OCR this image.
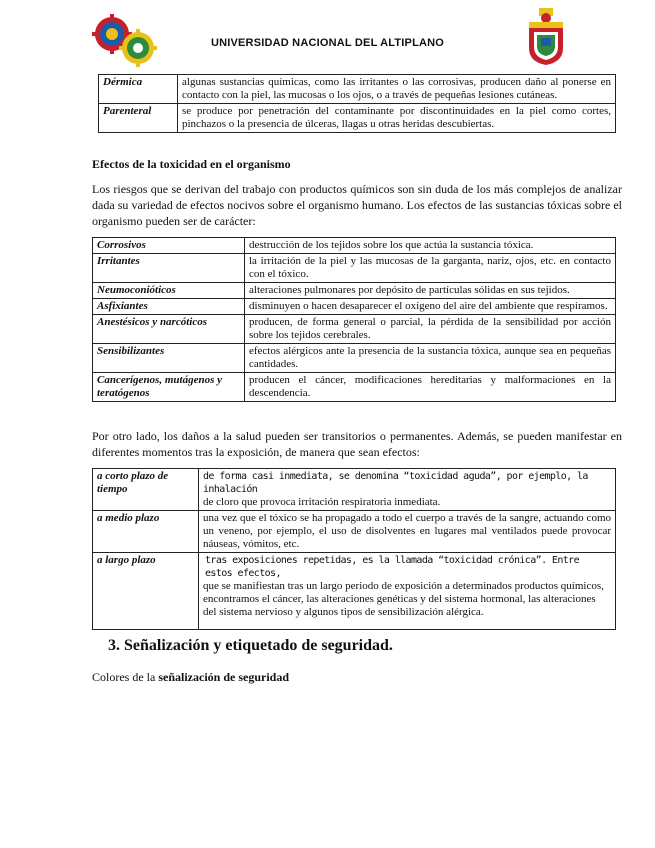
UNIVERSIDAD NACIONAL DEL ALTIPLANO
Dérmica	algunas sustancias químicas, como las irritantes o las corrosivas, producen daño al ponerse en contacto con la piel, las mucosas o los ojos, o a través de pequeñas lesiones cutáneas.
Parenteral	se produce por penetración del contaminante por discontinuidades en la piel como cortes, pinchazos o la presencia de úlceras, llagas u otras heridas descubiertas.
Efectos de la toxicidad en el organismo
Los riesgos que se derivan del trabajo con productos químicos son sin duda de los más complejos de analizar dada su variedad de efectos nocivos sobre el organismo humano. Los efectos de las sustancias tóxicas sobre el organismo pueden ser de carácter:
Corrosivos	destrucción de los tejidos sobre los que actúa la sustancia tóxica.
Irritantes	la irritación de la piel y las mucosas de la garganta, nariz, ojos, etc. en contacto con el tóxico.
Neumoconióticos	alteraciones pulmonares por depósito de partículas sólidas en sus tejidos.
Asfixiantes	disminuyen o hacen desaparecer el oxígeno del aire del ambiente que respiramos.
Anestésicos y narcóticos	producen, de forma general o parcial, la pérdida de la sensibilidad por acción sobre los tejidos cerebrales.
Sensibilizantes	efectos alérgicos ante la presencia de la sustancia tóxica, aunque sea en pequeñas cantidades.
Cancerígenos, mutágenos y teratógenos	producen el cáncer, modificaciones hereditarias y malformaciones en la descendencia.
Por otro lado, los daños a la salud pueden ser transitorios o permanentes. Además, se pueden manifestar en diferentes momentos tras la exposición, de manera que sean efectos:
a corto plazo de tiempo	de forma casi inmediata, se denomina “toxicidad aguda”, por ejemplo, la inhalación
de cloro que provoca irritación respiratoria inmediata.

a medio plazo	una vez que el tóxico se ha propagado a todo el cuerpo a través de la sangre, actuando como un veneno, por ejemplo, el uso de disolventes en lugares mal ventilados puede provocar náuseas, vómitos, etc.

a largo plazo	tras exposiciones repetidas, es la llamada “toxicidad crónica”. Entre estos efectos,
que se manifiestan tras un largo periodo de exposición a determinados productos químicos, encontramos el cáncer, las alteraciones genéticas y del sistema hormonal, las alteraciones del sistema nervioso y algunos tipos de sensibilización alérgica.
3. Señalización y etiquetado de seguridad.
Colores de la señalización de seguridad
